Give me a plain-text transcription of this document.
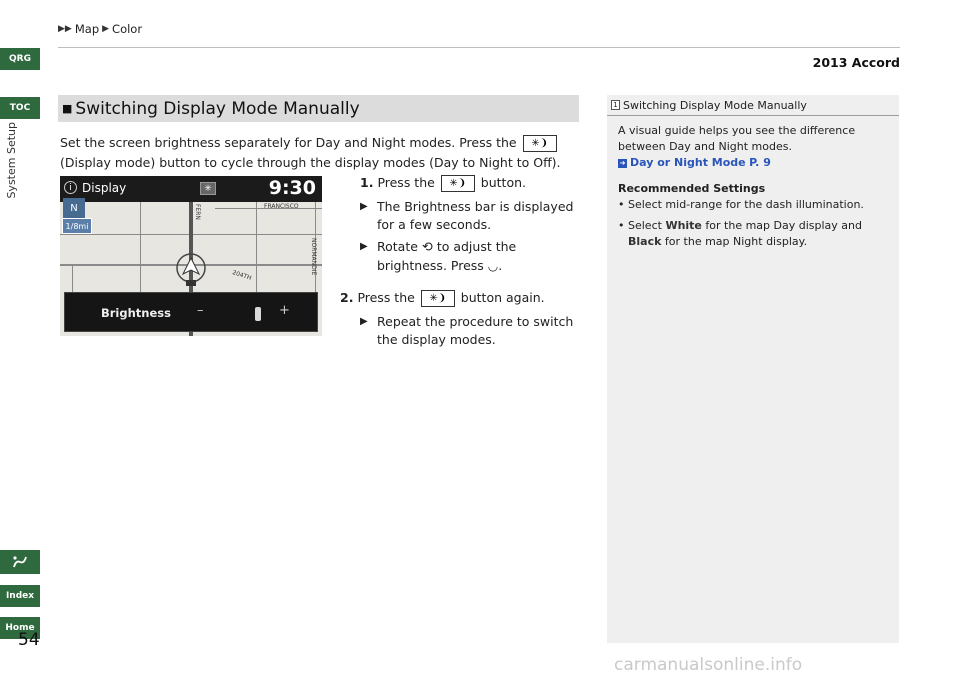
▶▶ Map ▶ Color
2013 Accord
QRG
TOC
System Setup
Index
Home
54
■ Switching Display Mode Manually
Set the screen brightness separately for Day and Night modes. Press the ✳❩
(Display mode) button to cycle through the display modes (Day to Night to Off).
i Display	✳	9:30
N
1/8mi
FRANCISCO
NORMANDIE
204TH
FERN
Brightness –	+
1. Press the ✳❩ button.
▶ The Brightness bar is displayed for a few seconds.
▶ Rotate ⟲ to adjust the brightness. Press ◡.
2. Press the ✳❩ button again.
▶ Repeat the procedure to switch the display modes.
1 Switching Display Mode Manually
A visual guide helps you see the difference between Day and Night modes.
➜ Day or Night Mode P. 9
Recommended Settings
• Select mid-range for the dash illumination.
• Select White for the map Day display and Black for the map Night display.
carmanualsonline.info
